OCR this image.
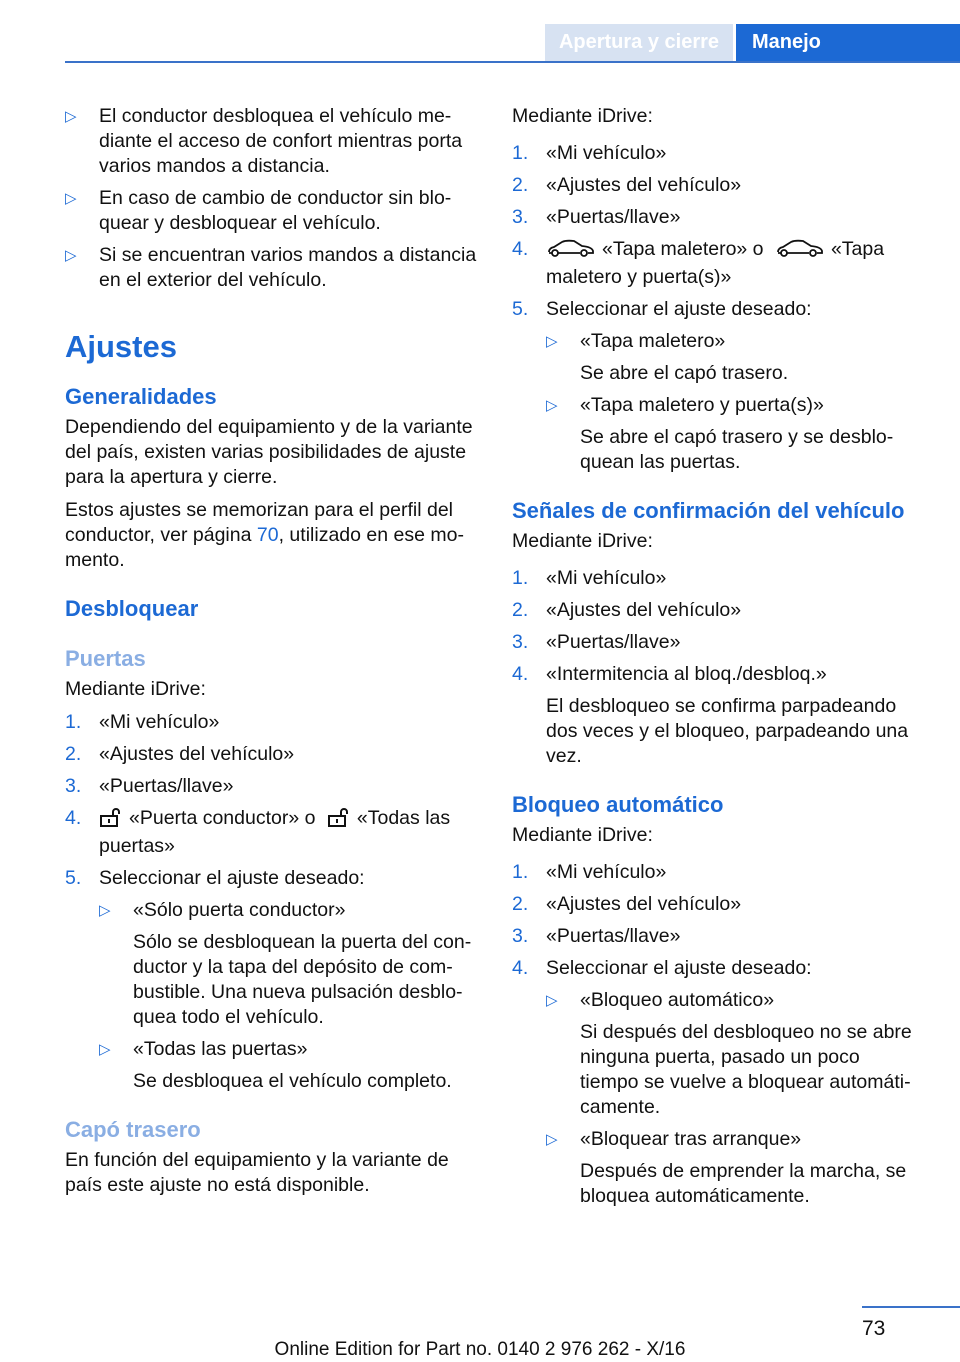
Apertura y cierre	Manejo
▷ El conductor desbloquea el vehículo me‐ diante el acceso de confort mientras porta varios mandos a distancia.
▷ En caso de cambio de conductor sin blo‐ quear y desbloquear el vehículo.
▷ Si se encuentran varios mandos a distancia en el exterior del vehículo.
Ajustes
Generalidades

Dependiendo del equipamiento y de la variante del país, existen varias posibilidades de ajuste para la apertura y cierre.

Estos ajustes se memorizan para el perfil del conductor, ver página 70, utilizado en ese mo‐ mento.

Desbloquear
Puertas

Mediante iDrive:

1. «Mi vehículo»
2. «Ajustes del vehículo»
3. «Puertas/llave»
4. «Puerta conductor» o «Todas las puertas»
5. Seleccionar el ajuste deseado:
▷ «Sólo puerta conductor»
Sólo se desbloquean la puerta del con‐ ductor y la tapa del depósito de com‐ bustible. Una nueva pulsación desblo‐ quea todo el vehículo.
▷ «Todas las puertas»
Se desbloquea el vehículo completo.
Capó trasero

En función del equipamiento y la variante de país este ajuste no está disponible.

Mediante iDrive:

1. «Mi vehículo»
2. «Ajustes del vehículo»
3. «Puertas/llave»
4.	«Tapa maletero» o	«Tapa maletero y puerta(s)»
5. Seleccionar el ajuste deseado:
▷ «Tapa maletero»
Se abre el capó trasero.
▷ «Tapa maletero y puerta(s)»
Se abre el capó trasero y se desblo‐ quean las puertas.
Señales de confirmación del vehículo

Mediante iDrive:

1. «Mi vehículo»
2. «Ajustes del vehículo»
3. «Puertas/llave»
4. «Intermitencia al bloq./desbloq.»
El desbloqueo se confirma parpadeando dos veces y el bloqueo, parpadeando una vez.
Bloqueo automático

Mediante iDrive:

1. «Mi vehículo»
2. «Ajustes del vehículo»
3. «Puertas/llave»
4. Seleccionar el ajuste deseado:
▷ «Bloqueo automático»
Si después del desbloqueo no se abre ninguna puerta, pasado un poco tiempo se vuelve a bloquear automáti‐ camente.
▷ «Bloquear tras arranque»
Después de emprender la marcha, se bloquea automáticamente.
73
Online Edition for Part no. 0140 2 976 262 - X/16
